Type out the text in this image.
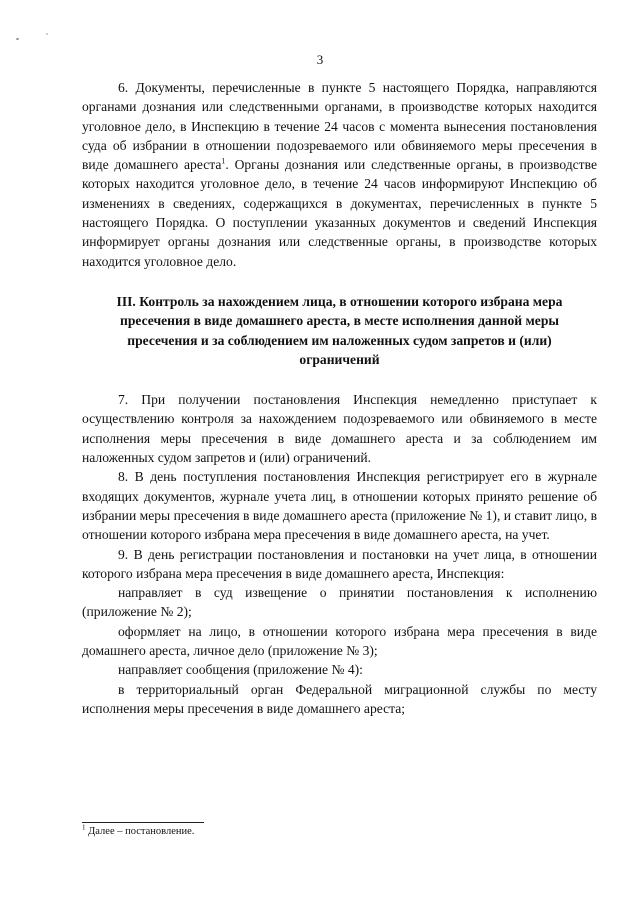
3

6. Документы, перечисленные в пункте 5 настоящего Порядка, направляются органами дознания или следственными органами, в производстве которых находится уголовное дело, в Инспекцию в течение 24 часов с момента вынесения постановления суда об избрании в отношении подозреваемого или обвиняемого меры пресечения в виде домашнего ареста$^1$. Органы дознания или следственные органы, в производстве которых находится уголовное дело, в течение 24 часов информируют Инспекцию об изменениях в сведениях, содержащихся в документах, перечисленных в пункте 5 настоящего Порядка. О поступлении указанных документов и сведений Инспекция информирует органы дознания или следственные органы, в производстве которых находится уголовное дело.

III. Контроль за нахождением лица, в отношении которого избрана мера пресечения в виде домашнего ареста, в месте исполнения данной меры пресечения и за соблюдением им наложенных судом запретов и (или) ограничений

7. При получении постановления Инспекция немедленно приступает к осуществлению контроля за нахождением подозреваемого или обвиняемого в месте исполнения меры пресечения в виде домашнего ареста и за соблюдением им наложенных судом запретов и (или) ограничений.

8. В день поступления постановления Инспекция регистрирует его в журнале входящих документов, журнале учета лиц, в отношении которых принято решение об избрании меры пресечения в виде домашнего ареста (приложение № 1), и ставит лицо, в отношении которого избрана мера пресечения в виде домашнего ареста, на учет.

9. В день регистрации постановления и постановки на учет лица, в отношении которого избрана мера пресечения в виде домашнего ареста, Инспекция:

направляет в суд извещение о принятии постановления к исполнению (приложение № 2);

оформляет на лицо, в отношении которого избрана мера пресечения в виде домашнего ареста, личное дело (приложение № 3);

направляет сообщения (приложение № 4):

в территориальный орган Федеральной миграционной службы по месту исполнения меры пресечения в виде домашнего ареста;

$^1$ Далее – постановление.
